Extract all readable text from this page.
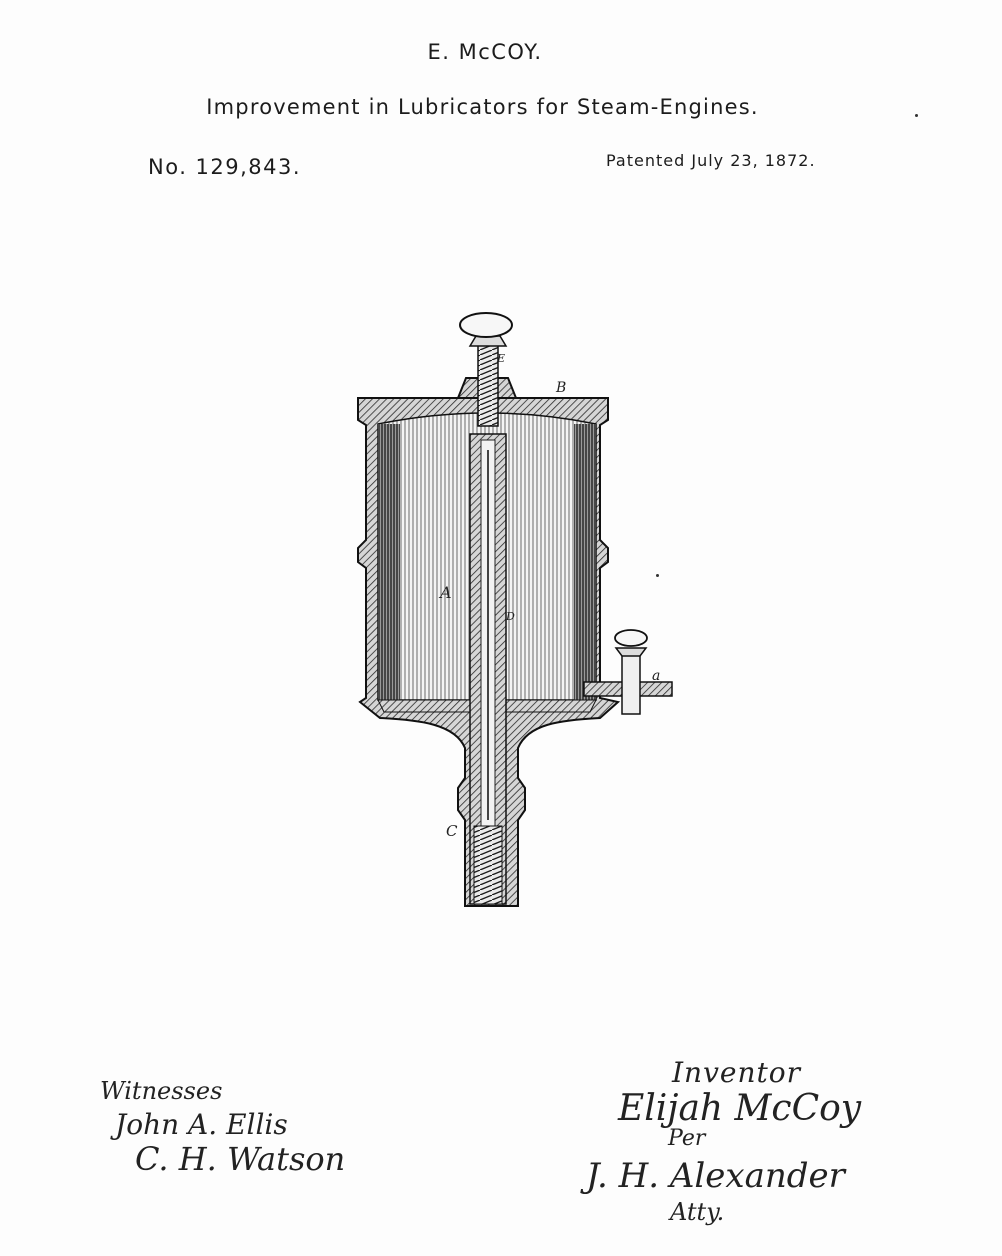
E. McCOY.
Improvement in Lubricators for Steam-Engines.
No. 129,843.	Patented July 23, 1872.
A
B
C
D
E
a
Witnesses
John A. Ellis
C. H. Watson
Inventor
Elijah McCoy
Per
J. H. Alexander
Atty.
